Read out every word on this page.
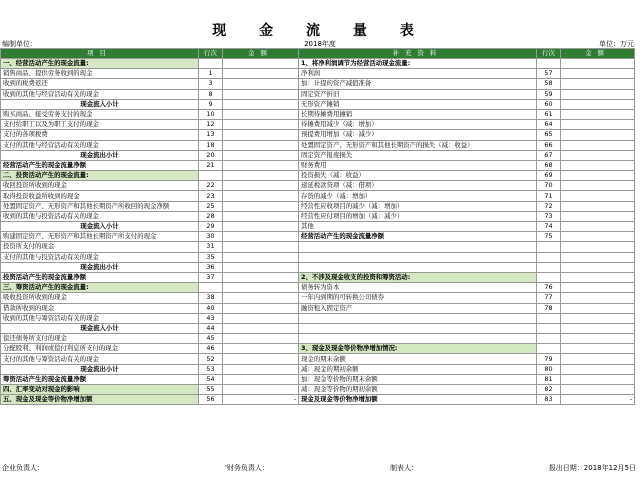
现 金 流 量 表
编制单位:	2018年度	单位：万元
项目	行次	金额	补充资料	行次	金额
一、经营活动产生的现金流量:			1、将净利润调节为经营活动现金流量:		
销售商品、提供劳务收到的现金	1		净利润	57	
收到的税费返还	3		加：计提的资产减值准备	58	
收到的其他与经营活动有关的现金	8		固定资产折旧	59	
现金流入小计	9		无形资产摊销	60	
购买商品、接受劳务支付的现金	10		长期待摊费用摊销	61	
支付给职工以及为职工支付的现金	12		待摊费用减少（减：增加）	64	
支付的各项税费	13		预提费用增加（减：减少）	65	
支付的其他与经营活动有关的现金	18		处置固定资产、无形资产和其他长期资产的损失（减：收益）	66	
现金流出小计	20		固定资产报废损失	67	
经营活动产生的现金流量净额	21		财务费用	68	
二、投资活动产生的现金流量:			投资损失（减：收益）	69	
收回投资所收到的现金	22		递延税款贷项（减：借项）	70	
取得投资收益所收到的现金	23		存货的减少（减：增加）	71	
处置固定资产、无形资产和其他长期资产所收回的现金净额	25		经营性应收项目的减少（减：增加）	72	
收到的其他与投资活动有关的现金	28		经营性应付项目的增加（减：减少）	73	
现金流入小计	29		其他	74	
购建固定资产、无形资产和其他长期资产所支付的现金	30		经营活动产生的现金流量净额	75	
投资所支付的现金	31				
支付的其他与投资活动有关的现金	35				
现金流出小计	36				
投资活动产生的现金流量净额	37		2、不涉及现金收支的投资和筹资活动:		
三、筹资活动产生的现金流量:			债务转为资本	76	
吸收投资所收到的现金	38		一年内到期的可转换公司债券	77	
借款所收到的现金	40		融资租入固定资产	78	
收到的其他与筹资活动有关的现金	43				
现金流入小计	44				
偿还债务所支付的现金	45				
分配股利、利润或偿付利息所支付的现金	46		3、现金及现金等价物净增加情况:		
支付的其他与筹资活动有关的现金	52		现金的期末余额	79	
现金流出小计	53		减：现金的期初余额	80	
筹资活动产生的现金流量净额	54		加：现金等价物的期末余额	81	
四、汇率变动对现金的影响	55		减：现金等价物的期初余额	82	
五、现金及现金等价物净增加额	56	-	现金及现金等价物净增加额	83	-
企业负责人：	'财务负责人：	制表人：	报出日期：2018年12月5日
